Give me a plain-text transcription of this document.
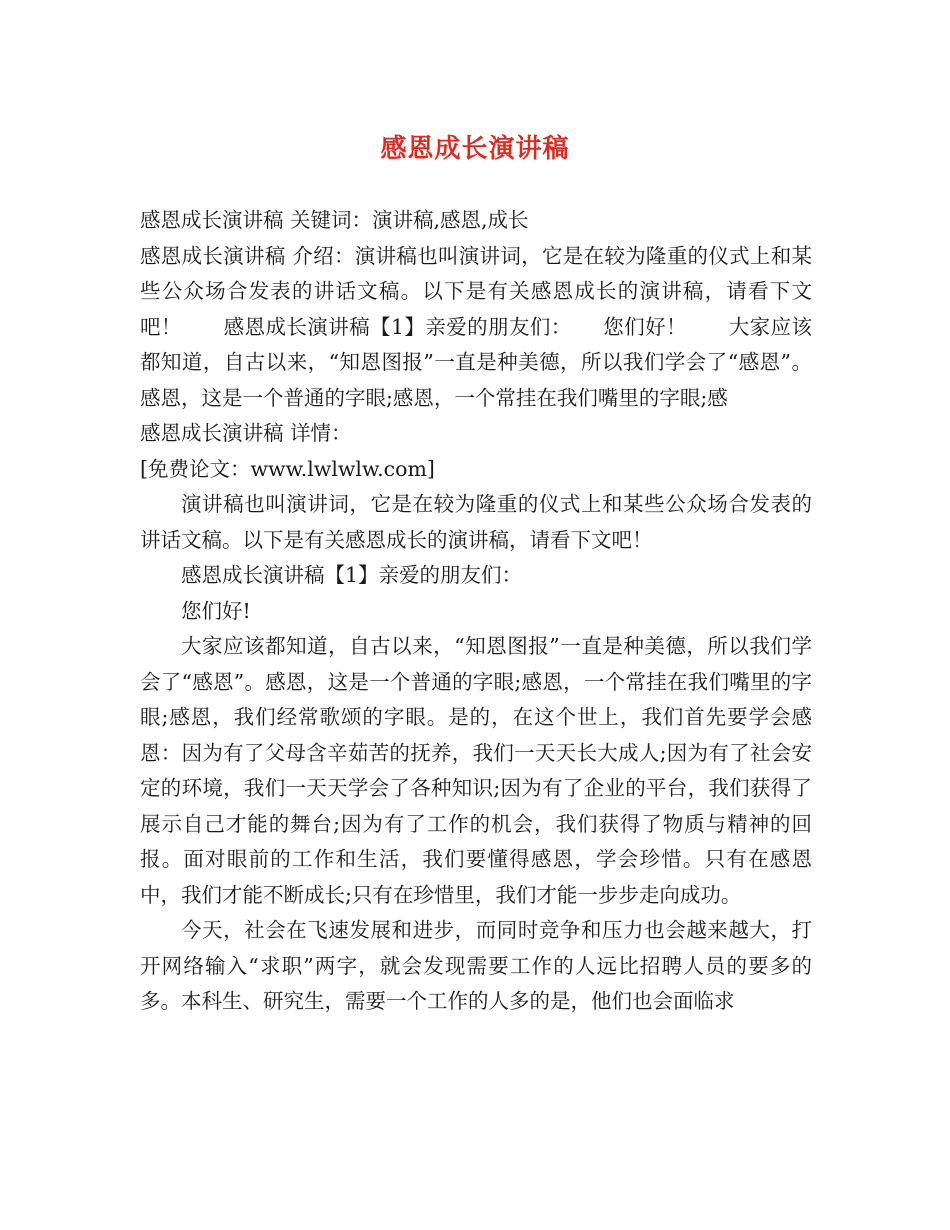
感恩成长演讲稿

感恩成长演讲稿 关键词：演讲稿,感恩,成长

感恩成长演讲稿 介绍：演讲稿也叫演讲词，它是在较为隆重的仪式上和某些公众场合发表的讲话文稿。以下是有关感恩成长的演讲稿，请看下文吧！　　感恩成长演讲稿【1】亲爱的朋友们：　　您们好！　　大家应该都知道，自古以来，“知恩图报”一直是种美德，所以我们学会了“感恩”。感恩，这是一个普通的字眼;感恩，一个常挂在我们嘴里的字眼;感

感恩成长演讲稿 详情：

[免费论文：www.lwlwlw.com]

演讲稿也叫演讲词，它是在较为隆重的仪式上和某些公众场合发表的讲话文稿。以下是有关感恩成长的演讲稿，请看下文吧！

感恩成长演讲稿【1】亲爱的朋友们：

您们好!

大家应该都知道，自古以来，“知恩图报”一直是种美德，所以我们学会了“感恩”。感恩，这是一个普通的字眼;感恩，一个常挂在我们嘴里的字眼;感恩，我们经常歌颂的字眼。是的，在这个世上，我们首先要学会感恩：因为有了父母含辛茹苦的抚养，我们一天天长大成人;因为有了社会安定的环境，我们一天天学会了各种知识;因为有了企业的平台，我们获得了展示自己才能的舞台;因为有了工作的机会，我们获得了物质与精神的回报。面对眼前的工作和生活，我们要懂得感恩，学会珍惜。只有在感恩中，我们才能不断成长;只有在珍惜里，我们才能一步步走向成功。

今天，社会在飞速发展和进步，而同时竞争和压力也会越来越大，打开网络输入“求职”两字，就会发现需要工作的人远比招聘人员的要多的多。本科生、研究生，需要一个工作的人多的是，他们也会面临求
